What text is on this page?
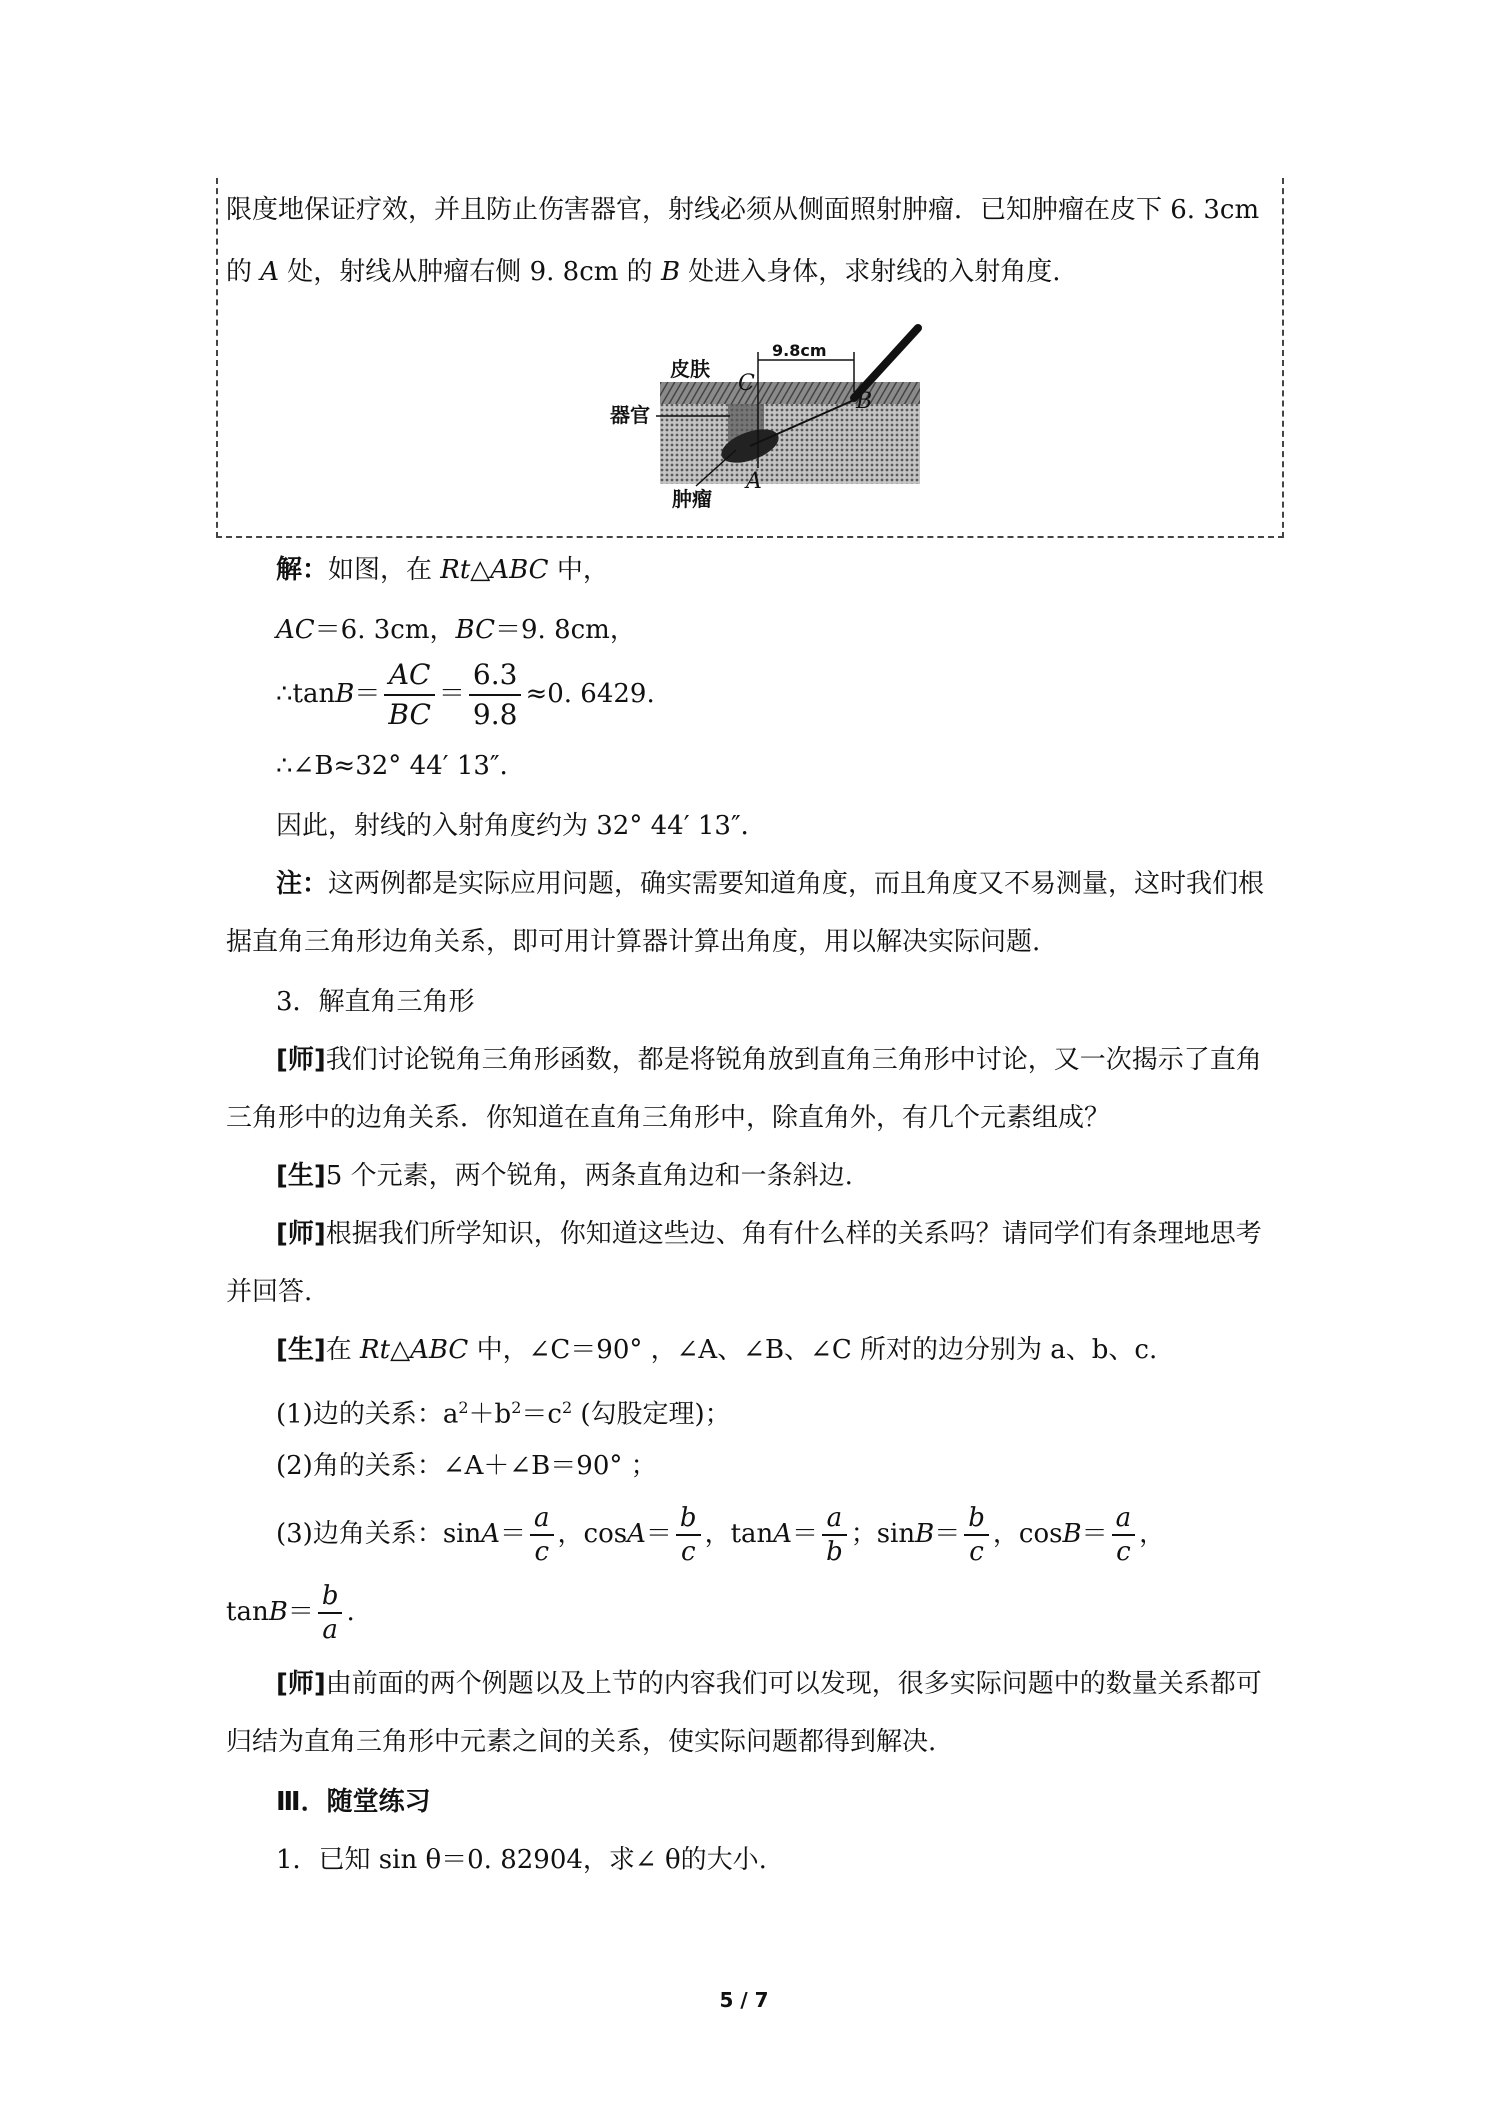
限度地保证疗效，并且防止伤害器官，射线必须从侧面照射肿瘤．已知肿瘤在皮下 6. 3cm
的 A 处，射线从肿瘤右侧 9. 8cm 的 B 处进入身体，求射线的入射角度.
9.8cm
皮肤
器官
肿瘤
C
B
A
解：如图，在 Rt△ABC 中，
AC＝6. 3cm，BC＝9. 8cm，
∴tanB＝ $\frac{AC}{BC} = \frac{6.3}{9.8} \approx 0$. 6429.
∴∠B≈32° 44′ 13″．
因此，射线的入射角度约为 32° 44′ 13″．
注：这两例都是实际应用问题，确实需要知道角度，而且角度又不易测量，这时我们根
据直角三角形边角关系，即可用计算器计算出角度，用以解决实际问题.
3．解直角三角形
[师]我们讨论锐角三角形函数，都是将锐角放到直角三角形中讨论，又一次揭示了直角
三角形中的边角关系．你知道在直角三角形中，除直角外，有几个元素组成？
[生]5 个元素，两个锐角，两条直角边和一条斜边.
[师]根据我们所学知识，你知道这些边、角有什么样的关系吗？请同学们有条理地思考
并回答.
[生]在 Rt△ABC 中，∠C＝90° ，∠A、∠B、∠C 所对的边分别为 a、b、c.
(1)边的关系：$a^2+b^2=c^2$ (勾股定理)；
(2)角的关系：∠A＋∠B＝90° ；
(3)边角关系：$\sin A= \frac{a}{c}$ ，$\cos A= \frac{b}{c}$ ，$\tan A= \frac{a}{b}$ ；$\sin B= \frac{b}{c}$ ，$\cos B= \frac{a}{c}$ ，
$\tan B= \frac{b}{a}$ .
[师]由前面的两个例题以及上节的内容我们可以发现，很多实际问题中的数量关系都可
归结为直角三角形中元素之间的关系，使实际问题都得到解决.
Ⅲ．随堂练习
1．已知 sin θ＝0. 82904，求∠ θ的大小.
5 / 7
